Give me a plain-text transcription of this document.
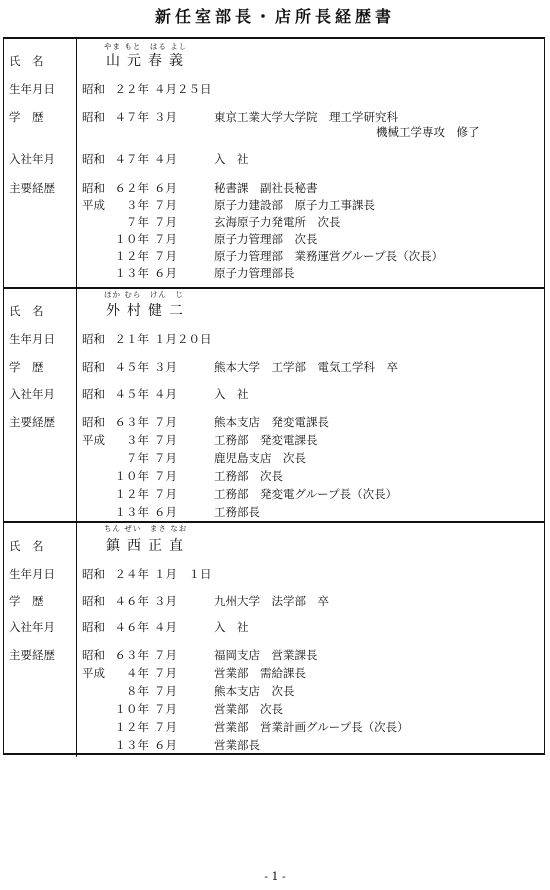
新任室部長・店所長経歴書
やま もと　はる よし
氏　名	山元春義
生年月日	昭和 ２２年 ４月２５日
学　歴	昭和 ４７年 ３月	東京工業大学大学院　理工学研究科
機械工学専攻　修了
入社年月	昭和 ４７年 ４月	入　社
主要経歴	昭和 ６２年 ６月	秘書課　副社長秘書
平成	３年 ７月	原子力建設部　原子力工事課長
７年 ７月	玄海原子力発電所　次長
１０年 ７月	原子力管理部　次長
１２年 ７月	原子力管理部　業務運営グループ長（次長）
１３年 ６月	原子力管理部長
ほか むら　けん　じ
氏　名	外村健二
生年月日	昭和 ２１年 １月２０日
学　歴	昭和 ４５年 ３月	熊本大学　工学部　電気工学科　卒
入社年月	昭和 ４５年 ４月	入　社
主要経歴	昭和 ６３年 ７月	熊本支店　発変電課長
平成	３年 ７月	工務部　発変電課長
７年 ７月	鹿児島支店　次長
１０年 ７月	工務部　次長
１２年 ７月	工務部　発変電グループ長（次長）
１３年 ６月	工務部長
ちん ぜい　まさ なお
氏　名	鎮西正直
生年月日	昭和 ２４年 １月　１日
学　歴	昭和 ４６年 ３月	九州大学　法学部　卒
入社年月	昭和 ４６年 ４月	入　社
主要経歴	昭和 ６３年 ７月	福岡支店　営業課長
平成	４年 ７月	営業部　需給課長
８年 ７月	熊本支店　次長
１０年 ７月	営業部　次長
１２年 ７月	営業部　営業計画グループ長（次長）
１３年 ６月	営業部長
- 1 -
